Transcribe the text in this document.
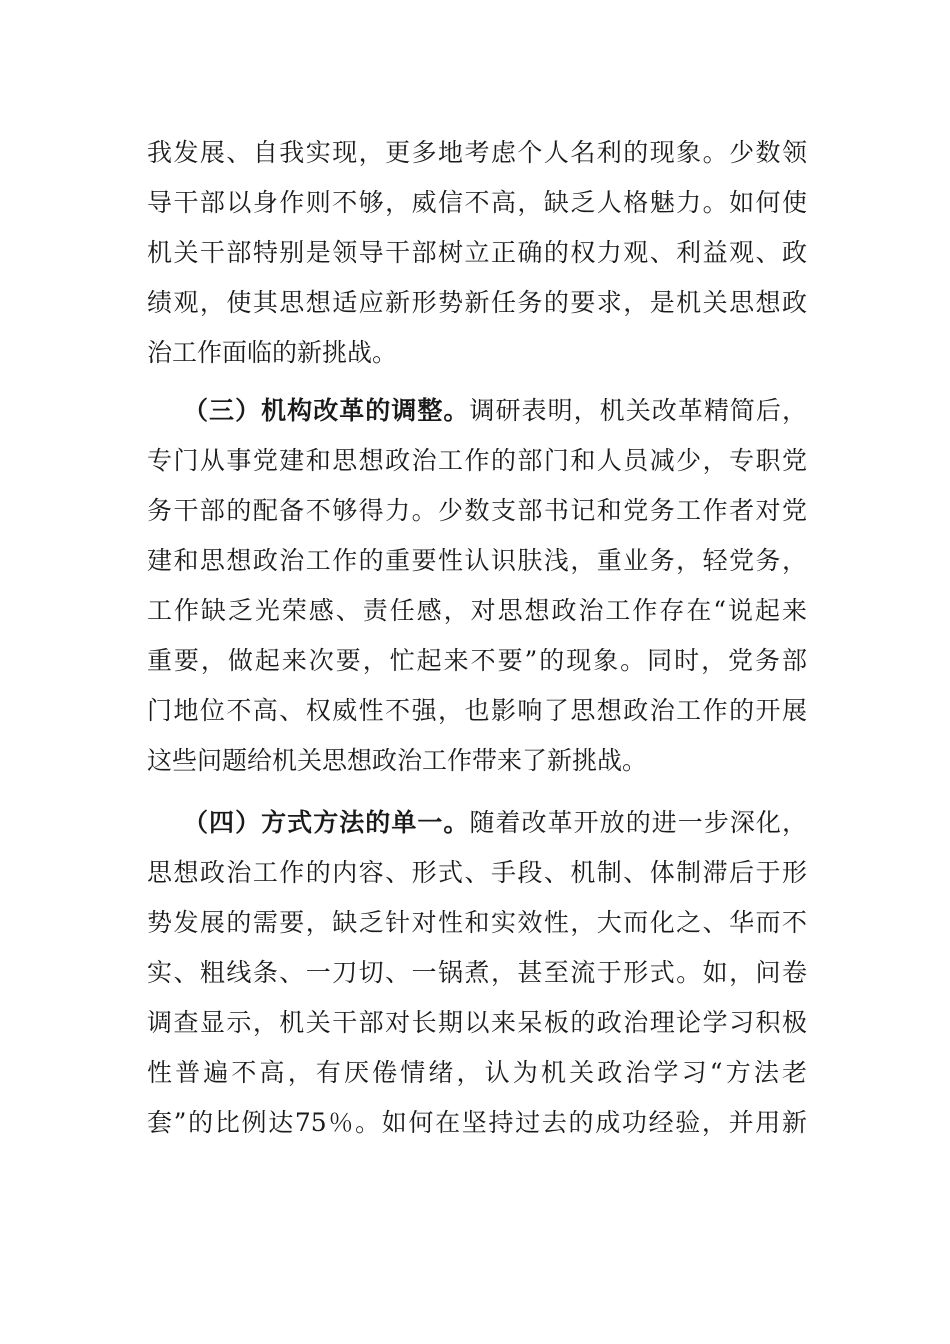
我发展、自我实现，更多地考虑个人名利的现象。少数领
导干部以身作则不够，威信不高，缺乏人格魅力。如何使
机关干部特别是领导干部树立正确的权力观、利益观、政
绩观，使其思想适应新形势新任务的要求，是机关思想政
治工作面临的新挑战。
（三）机构改革的调整。调研表明，机关改革精简后，
专门从事党建和思想政治工作的部门和人员减少，专职党
务干部的配备不够得力。少数支部书记和党务工作者对党
建和思想政治工作的重要性认识肤浅，重业务，轻党务，
工作缺乏光荣感、责任感，对思想政治工作存在“说起来
重要，做起来次要，忙起来不要”的现象。同时，党务部
门地位不高、权威性不强，也影响了思想政治工作的开展
这些问题给机关思想政治工作带来了新挑战。
（四）方式方法的单一。随着改革开放的进一步深化，
思想政治工作的内容、形式、手段、机制、体制滞后于形
势发展的需要，缺乏针对性和实效性，大而化之、华而不
实、粗线条、一刀切、一锅煮，甚至流于形式。如，问卷
调查显示，机关干部对长期以来呆板的政治理论学习积极
性普遍不高，有厌倦情绪，认为机关政治学习“方法老
套”的比例达75％。如何在坚持过去的成功经验，并用新
